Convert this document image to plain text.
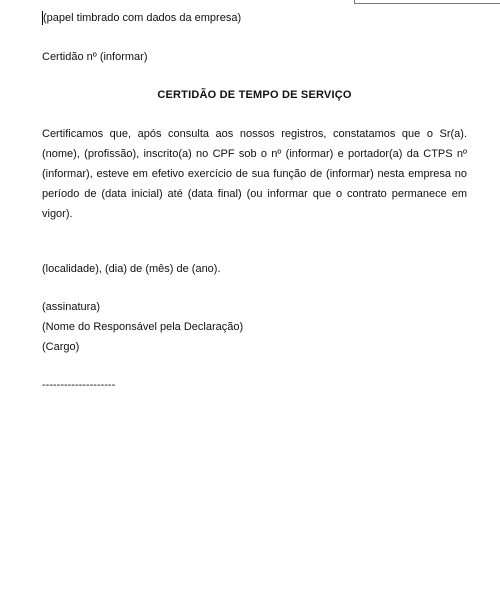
(papel timbrado com dados da empresa)
Certidão nº (informar)
CERTIDÃO DE TEMPO DE SERVIÇO
Certificamos que, após consulta aos nossos registros, constatamos que o Sr(a).
(nome), (profissão), inscrito(a) no CPF sob o nº (informar) e portador(a) da CTPS nº
(informar), esteve em efetivo exercício de sua função de (informar) nesta empresa no
período de (data inicial) até (data final) (ou informar que o contrato permanece em
vigor).
(localidade), (dia) de (mês) de (ano).
(assinatura)
(Nome do Responsável pela Declaração)
(Cargo)
--------------------
